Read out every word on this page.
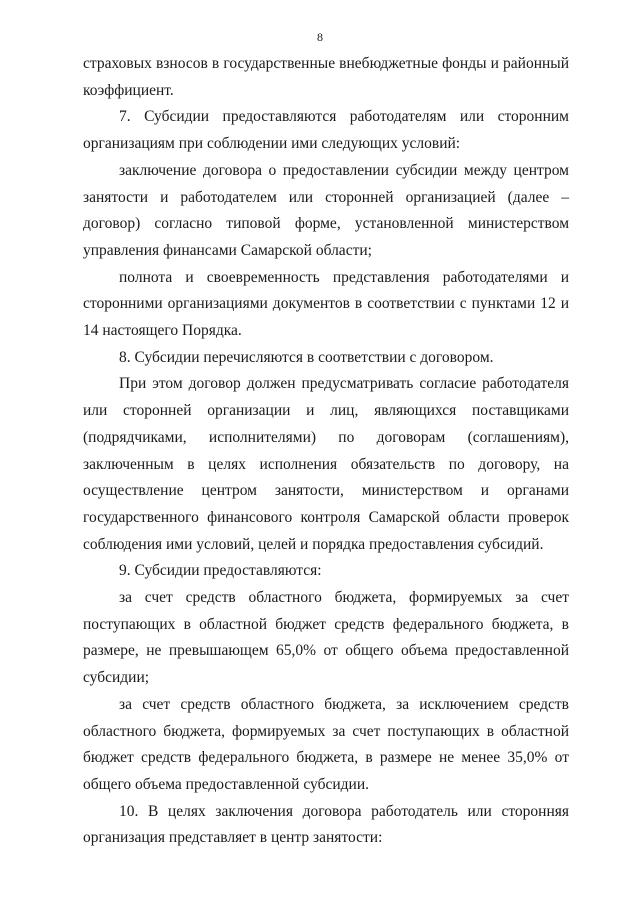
8

страховых взносов в государственные внебюджетные фонды и районный коэффициент.

7. Субсидии предоставляются работодателям или сторонним организациям при соблюдении ими следующих условий:

заключение договора о предоставлении субсидии между центром занятости и работодателем или сторонней организацией (далее – договор) согласно типовой форме, установленной министерством управления финансами Самарской области;

полнота и своевременность представления работодателями и сторонними организациями документов в соответствии с пунктами 12 и 14 настоящего Порядка.

8. Субсидии перечисляются в соответствии с договором.

При этом договор должен предусматривать согласие работодателя или сторонней организации и лиц, являющихся поставщиками (подрядчиками, исполнителями) по договорам (соглашениям), заключенным в целях исполнения обязательств по договору, на осуществление центром занятости, министерством и органами государственного финансового контроля Самарской области проверок соблюдения ими условий, целей и порядка предоставления субсидий.

9. Субсидии предоставляются:

за счет средств областного бюджета, формируемых за счет поступающих в областной бюджет средств федерального бюджета, в размере, не превышающем 65,0% от общего объема предоставленной субсидии;

за счет средств областного бюджета, за исключением средств областного бюджета, формируемых за счет поступающих в областной бюджет средств федерального бюджета, в размере не менее 35,0% от общего объема предоставленной субсидии.

10. В целях заключения договора работодатель или сторонняя организация представляет в центр занятости:
